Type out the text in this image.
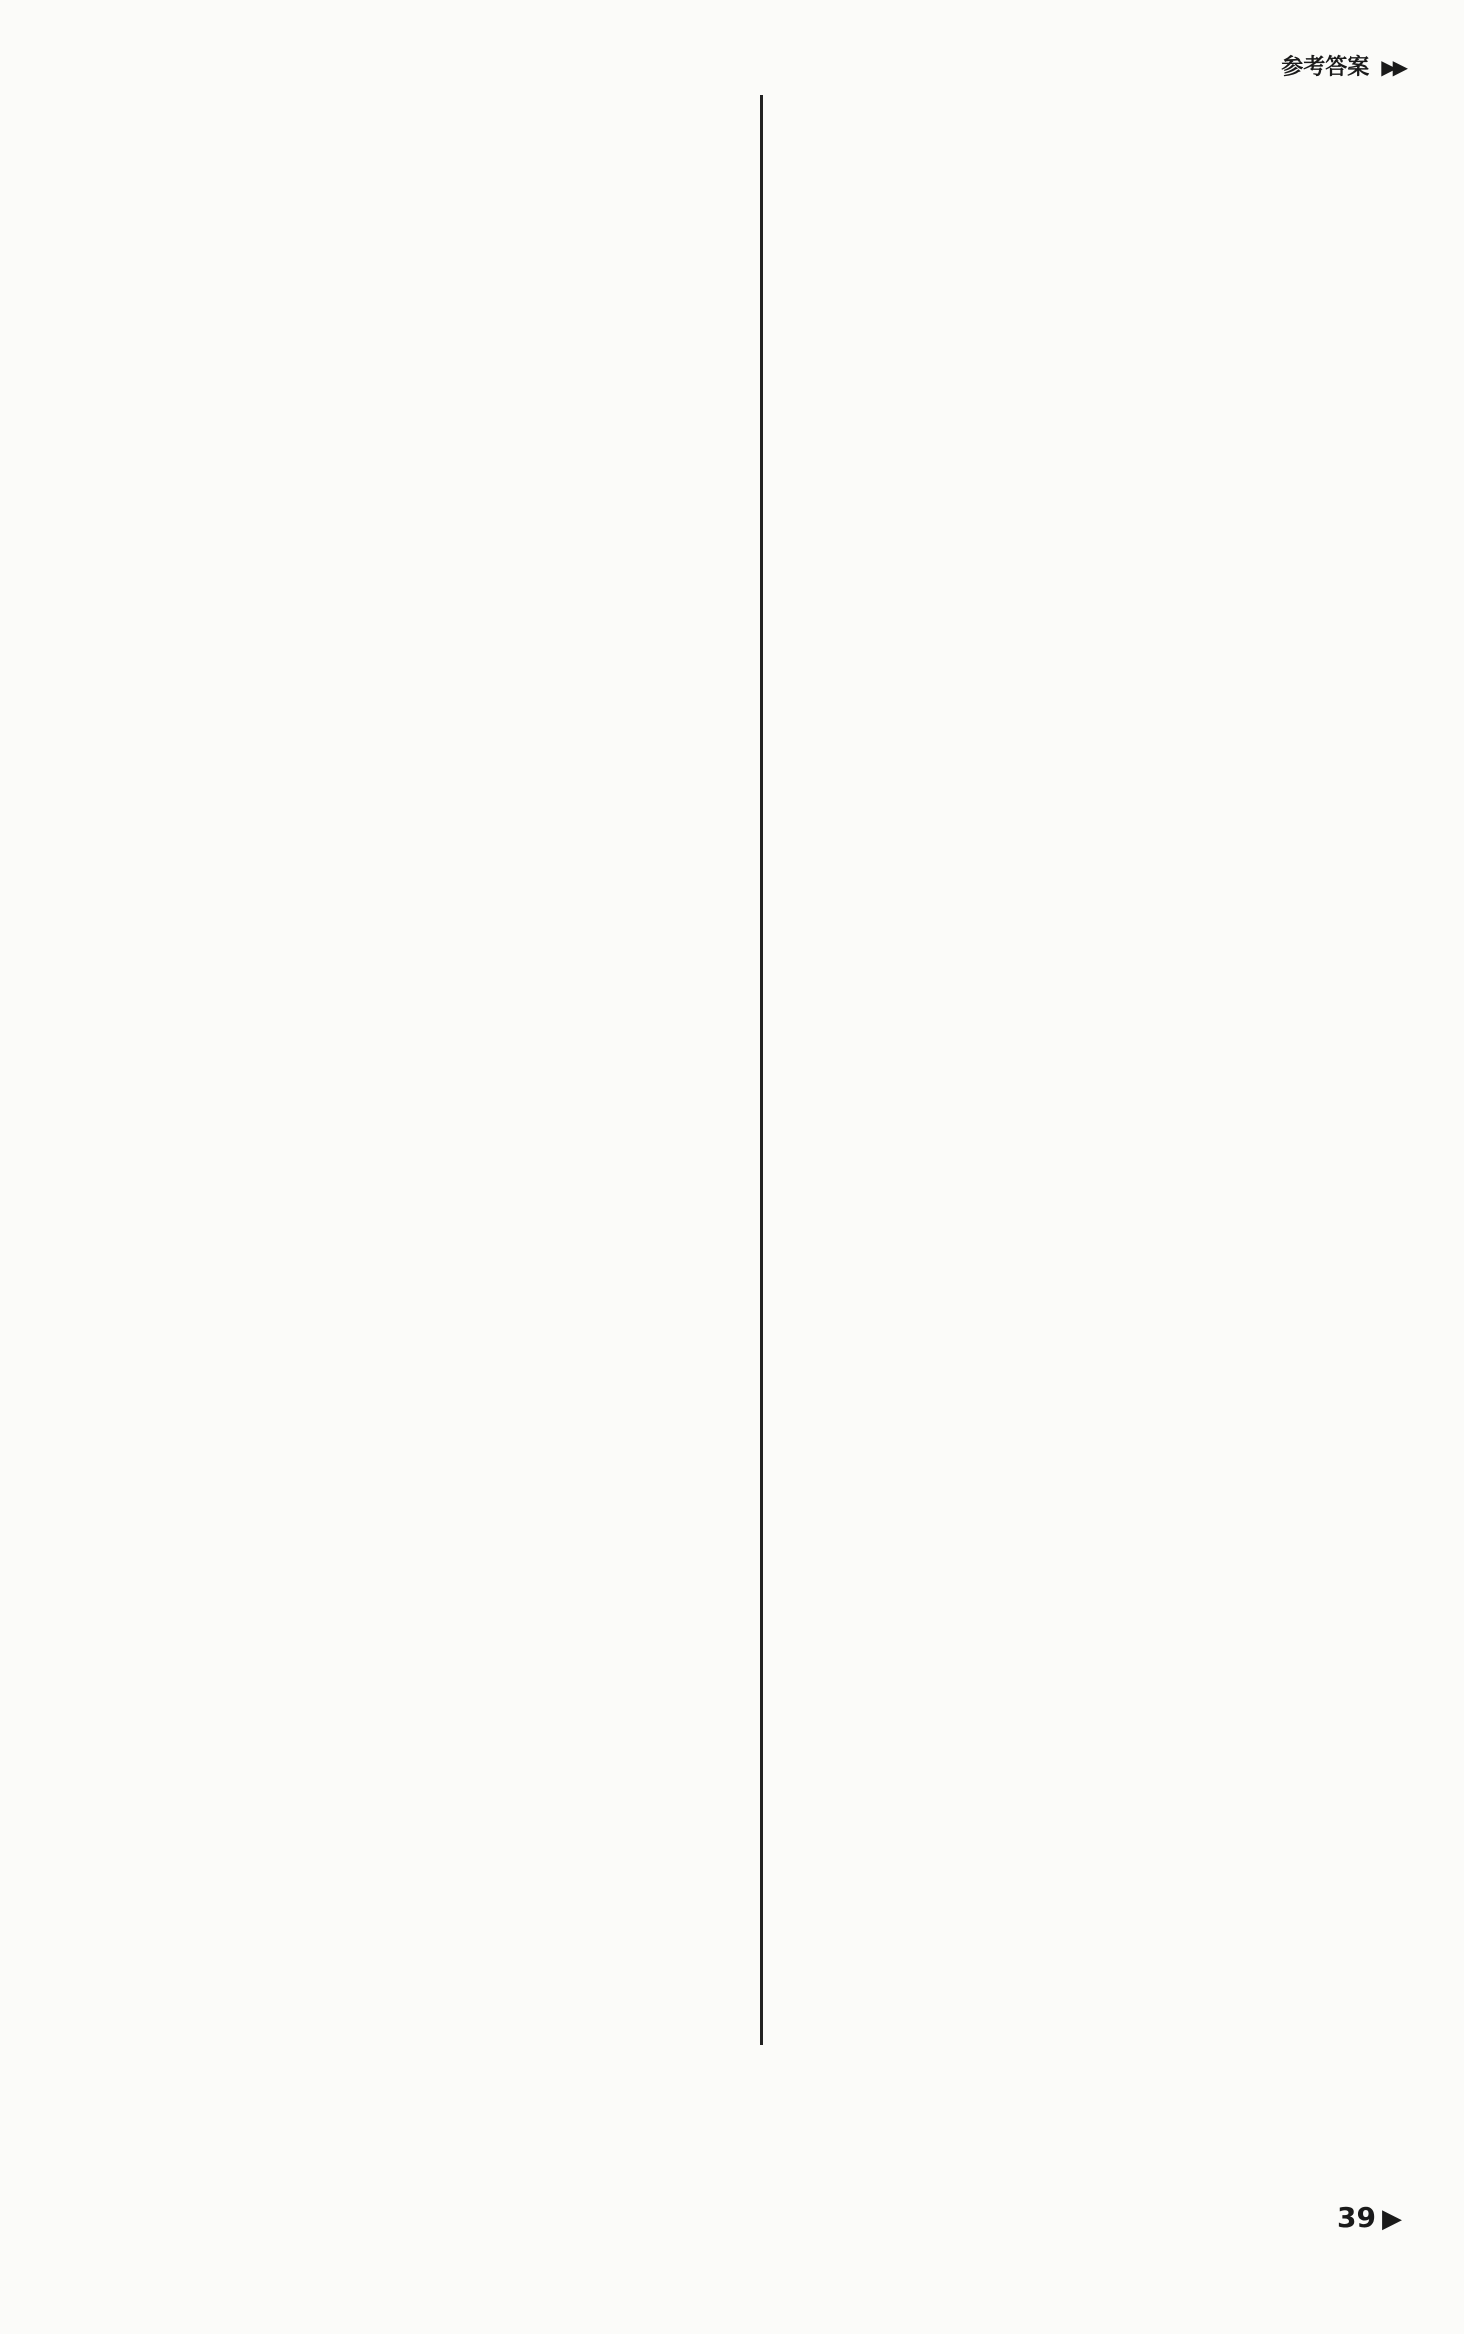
参考答案 ▶▶

39 ▶
